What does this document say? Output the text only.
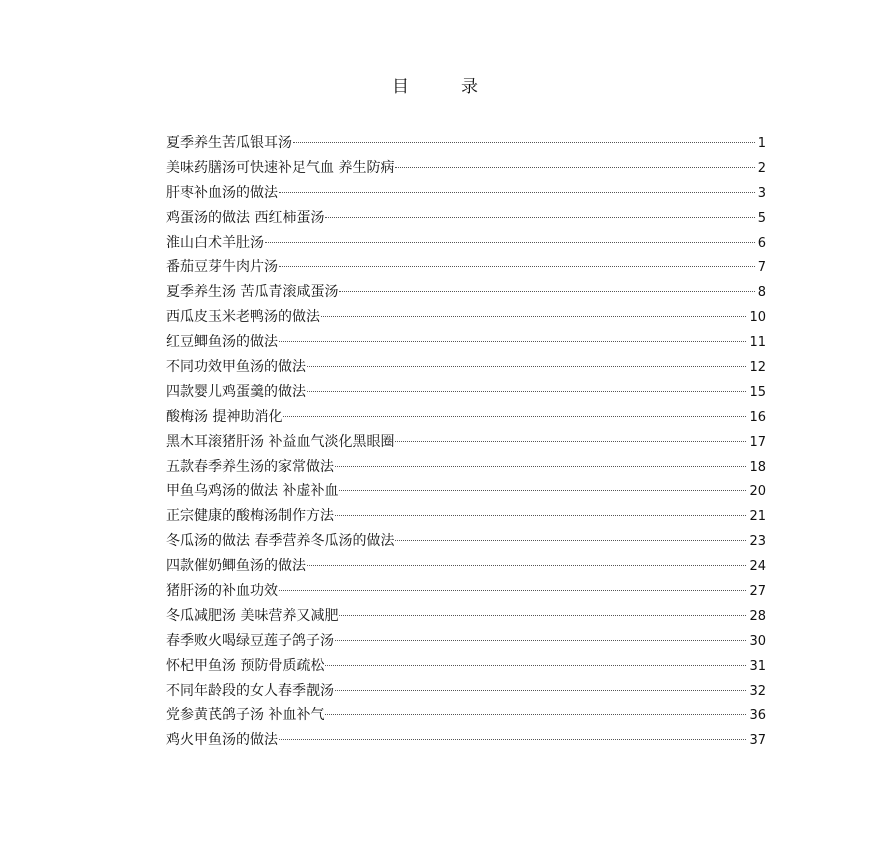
目	录
夏季养生苦瓜银耳汤	1
美味药膳汤可快速补足气血 养生防病	2
肝枣补血汤的做法	3
鸡蛋汤的做法 西红柿蛋汤	5
淮山白术羊肚汤	6
番茄豆芽牛肉片汤	7
夏季养生汤 苦瓜青滚咸蛋汤	8
西瓜皮玉米老鸭汤的做法	10
红豆鲫鱼汤的做法	11
不同功效甲鱼汤的做法	12
四款婴儿鸡蛋羹的做法	15
酸梅汤 提神助消化	16
黑木耳滚猪肝汤 补益血气淡化黑眼圈	17
五款春季养生汤的家常做法	18
甲鱼乌鸡汤的做法 补虚补血	20
正宗健康的酸梅汤制作方法	21
冬瓜汤的做法 春季营养冬瓜汤的做法	23
四款催奶鲫鱼汤的做法	24
猪肝汤的补血功效	27
冬瓜减肥汤 美味营养又减肥	28
春季败火喝绿豆莲子鸽子汤	30
怀杞甲鱼汤 预防骨质疏松	31
不同年龄段的女人春季靓汤	32
党参黄芪鸽子汤 补血补气	36
鸡火甲鱼汤的做法	37
